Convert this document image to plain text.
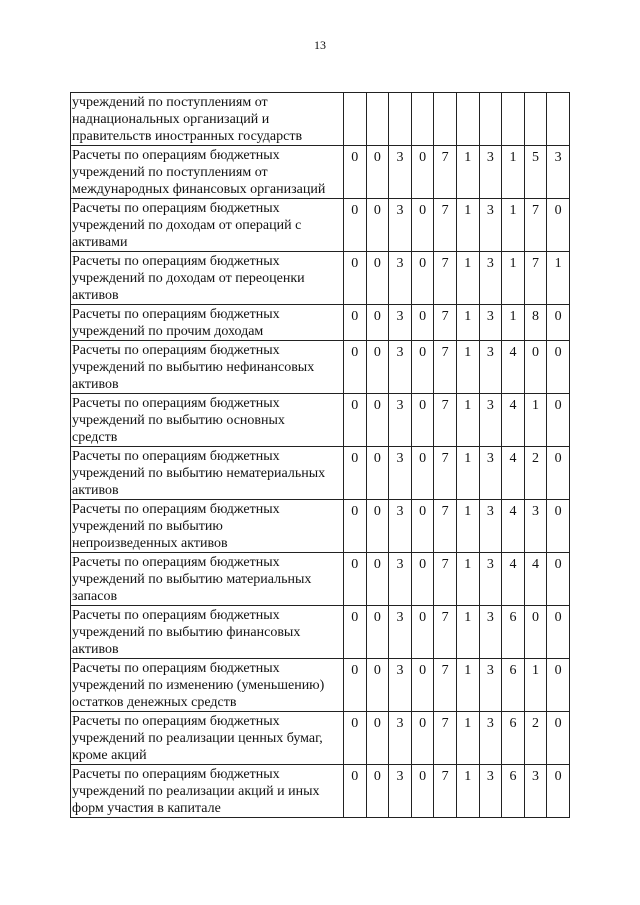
13
учреждений по поступлениям от
наднациональных организаций и
правительств иностранных государств										

Расчеты по операциям бюджетных
учреждений по поступлениям от
международных финансовых организаций	0	0	3	0	7	1	3	1	5	3

Расчеты по операциям бюджетных
учреждений по доходам от операций с
активами	0	0	3	0	7	1	3	1	7	0

Расчеты по операциям бюджетных
учреждений по доходам от переоценки
активов	0	0	3	0	7	1	3	1	7	1

Расчеты по операциям бюджетных
учреждений по прочим доходам	0	0	3	0	7	1	3	1	8	0

Расчеты по операциям бюджетных
учреждений по выбытию нефинансовых
активов	0	0	3	0	7	1	3	4	0	0

Расчеты по операциям бюджетных
учреждений по выбытию основных
средств	0	0	3	0	7	1	3	4	1	0

Расчеты по операциям бюджетных
учреждений по выбытию нематериальных
активов	0	0	3	0	7	1	3	4	2	0

Расчеты по операциям бюджетных
учреждений по выбытию
непроизведенных активов	0	0	3	0	7	1	3	4	3	0

Расчеты по операциям бюджетных
учреждений по выбытию материальных
запасов	0	0	3	0	7	1	3	4	4	0

Расчеты по операциям бюджетных
учреждений по выбытию финансовых
активов	0	0	3	0	7	1	3	6	0	0

Расчеты по операциям бюджетных
учреждений по изменению (уменьшению)
остатков денежных средств	0	0	3	0	7	1	3	6	1	0

Расчеты по операциям бюджетных
учреждений по реализации ценных бумаг,
кроме акций	0	0	3	0	7	1	3	6	2	0

Расчеты по операциям бюджетных
учреждений по реализации акций и иных
форм участия в капитале	0	0	3	0	7	1	3	6	3	0
